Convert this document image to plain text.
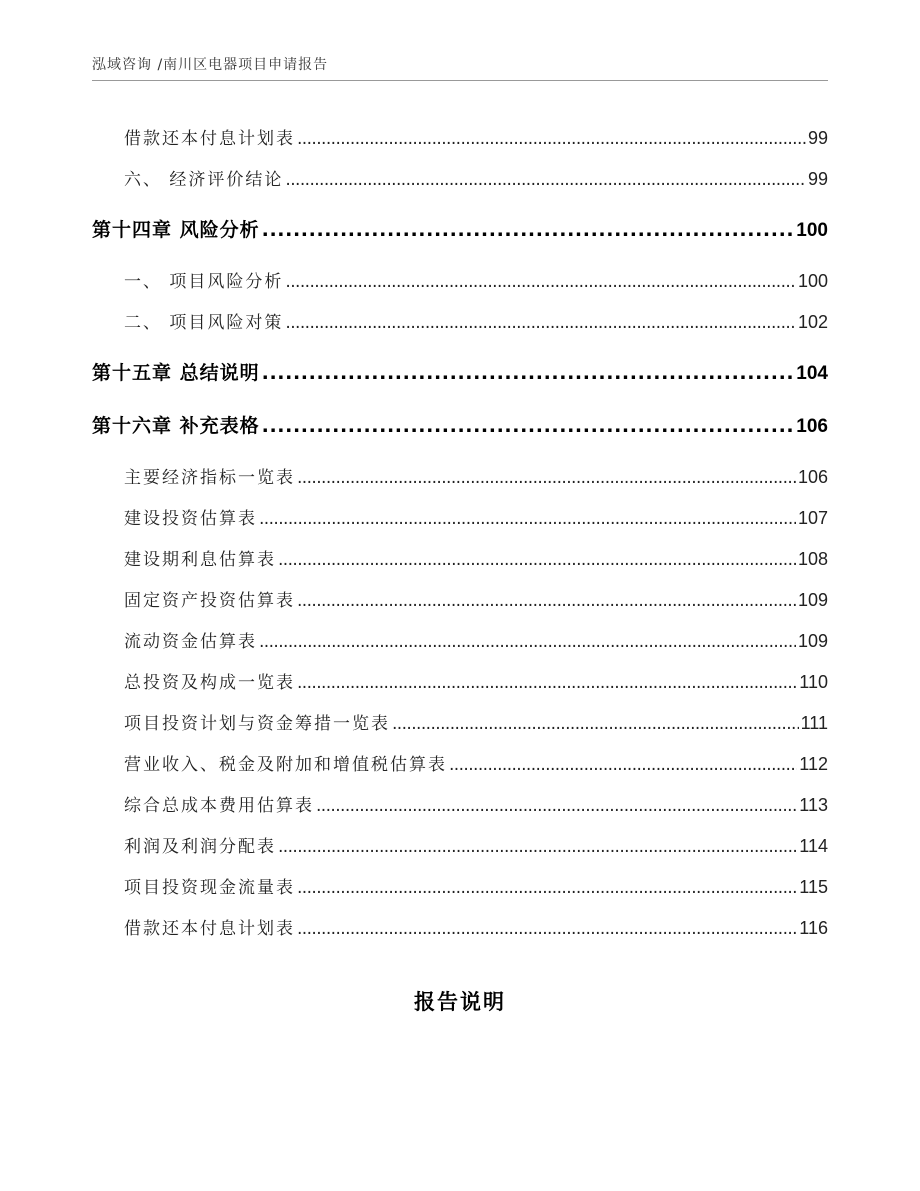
泓域咨询 /南川区电器项目申请报告
借款还本付息计划表 . . .	99
六、 经济评价结论 . . .	99
第十四章 风险分析 . . .	100
一、 项目风险分析 . . .	100
二、 项目风险对策 . . .	102
第十五章 总结说明 . . .	104
第十六章 补充表格 . . .	106
主要经济指标一览表 . . .	106
建设投资估算表 . . .	107
建设期利息估算表 . . .	108
固定资产投资估算表 . . .	109
流动资金估算表 . . .	109
总投资及构成一览表 . . .	110
项目投资计划与资金筹措一览表 . . .	111
营业收入、税金及附加和增值税估算表 . . .	112
综合总成本费用估算表 . . .	113
利润及利润分配表 . . .	114
项目投资现金流量表 . . .	115
借款还本付息计划表 . . .	116
报告说明
